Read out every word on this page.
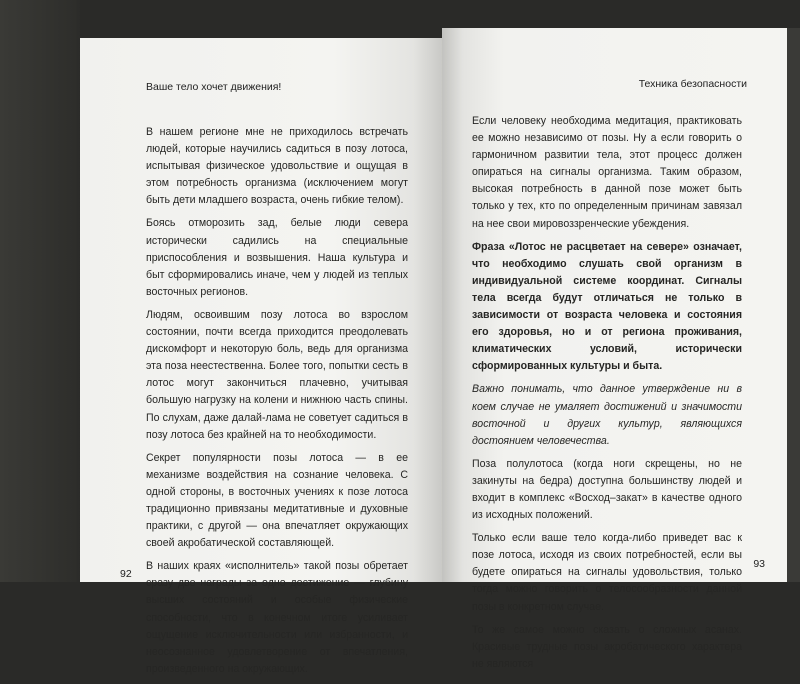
Ваше тело хочет движения!

В нашем регионе мне не приходилось встречать людей, которые научились садиться в позу лотоса, испытывая физическое удовольствие и ощущая в этом потребность организма (исключением могут быть дети младшего возраста, очень гибкие телом).

Боясь отморозить зад, белые люди севера исторически садились на специальные приспособления и возвышения. Наша культура и быт сформировались иначе, чем у людей из теплых восточных регионов.

Людям, освоившим позу лотоса во взрослом состоянии, почти всегда приходится преодолевать дискомфорт и некоторую боль, ведь для организма эта поза неестественна. Более того, попытки сесть в лотос могут закончиться плачевно, учитывая большую нагрузку на колени и нижнюю часть спины. По слухам, даже далай-лама не советует садиться в позу лотоса без крайней на то необходимости.

Секрет популярности позы лотоса — в ее механизме воздействия на сознание человека. С одной стороны, в восточных учениях к позе лотоса традиционно привязаны медитативные и духовные практики, с другой — она впечатляет окружающих своей акробатической составляющей.

В наших краях «исполнитель» такой позы обретает сразу две награды за одно достижение — глубину высших состояний и особые физические способности, что в конечном итоге усиливает ощущение исключительности или избранности, и неосознанное удовлетворение от впечатления, произведенного на окружающих.

92
Техника безопасности

Если человеку необходима медитация, практиковать ее можно независимо от позы. Ну а если говорить о гармоничном развитии тела, этот процесс должен опираться на сигналы организма. Таким образом, высокая потребность в данной позе может быть только у тех, кто по определенным причинам завязал на нее свои мировоззренческие убеждения.

Фраза «Лотос не расцветает на севере» означает, что необходимо слушать свой организм в индивидуальной системе координат. Сигналы тела всегда будут отличаться не только в зависимости от возраста человека и состояния его здоровья, но и от региона проживания, климатических условий, исторически сформированных культуры и быта.

Важно понимать, что данное утверждение ни в коем случае не умаляет достижений и значимости восточной и других культур, являющихся достоянием человечества.

Поза полулотоса (когда ноги скрещены, но не закинуты на бедра) доступна большинству людей и входит в комплекс «Восход–закат» в качестве одного из исходных положений.

Только если ваше тело когда-либо приведет вас к позе лотоса, исходя из своих потребностей, если вы будете опираться на сигналы удовольствия, только тогда можно говорить о телосообразности данной позы в конкретном случае.

То же самое можно сказать о сложных асанах. Красивые трудные позы акробатического характера не являются

93
